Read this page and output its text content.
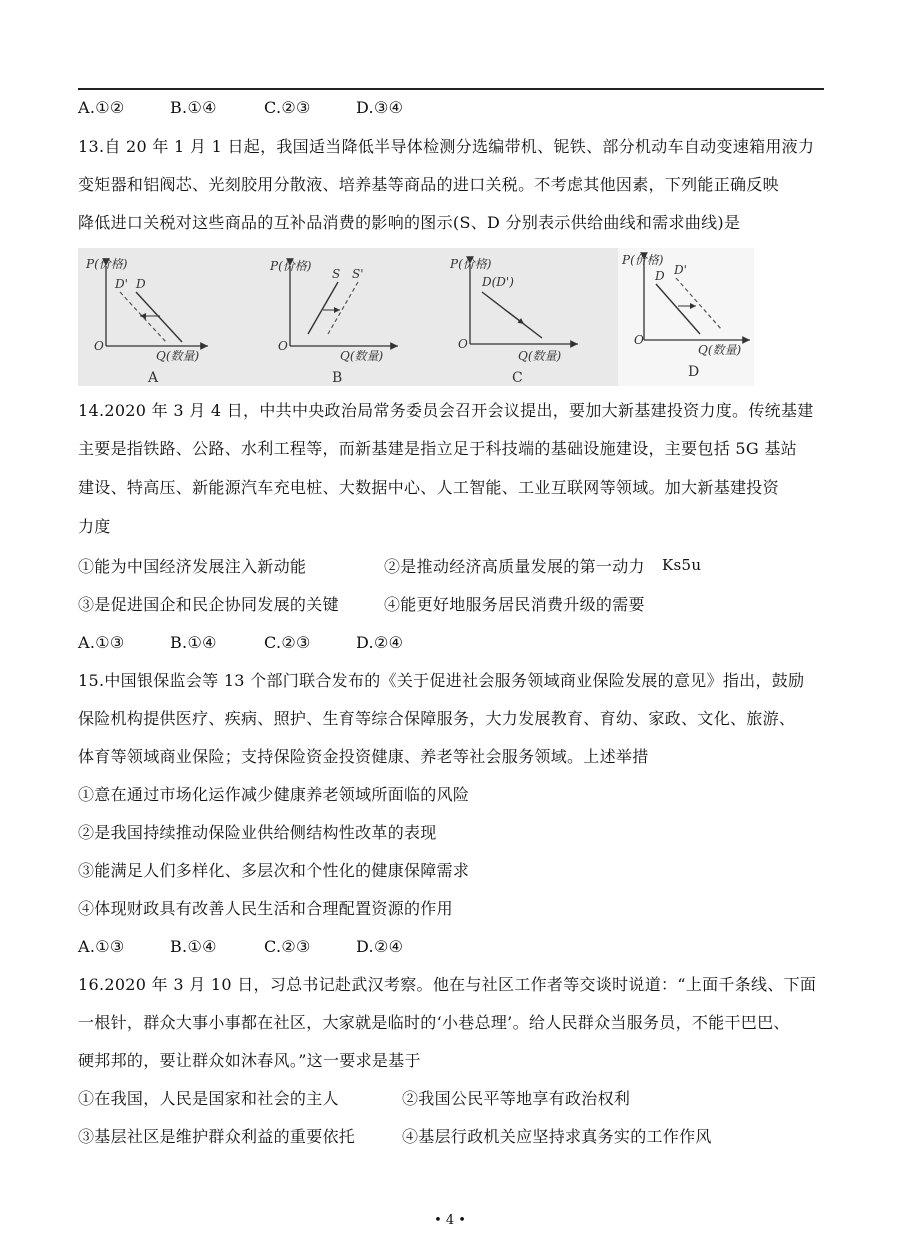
A.①②	B.①④	C.②③	D.③④
13.自 20 年 1 月 1 日起，我国适当降低半导体检测分选编带机、铌铁、部分机动车自动变速箱用液力
变矩器和铝阀芯、光刻胶用分散液、培养基等商品的进口关税。不考虑其他因素，下列能正确反映
降低进口关税对这些商品的互补品消费的影响的图示(S、D 分别表示供给曲线和需求曲线)是
P(价格)
Q(数量)
O
D' D
A
P(价格)
Q(数量)
O
S S'
B
P(价格)
Q(数量)
O
D(D')
C
P(价格)
Q(数量)
O
D D'
D
14.2020 年 3 月 4 日，中共中央政治局常务委员会召开会议提出，要加大新基建投资力度。传统基建
主要是指铁路、公路、水利工程等，而新基建是指立足于科技端的基础设施建设，主要包括 5G 基站
建设、特高压、新能源汽车充电桩、大数据中心、人工智能、工业互联网等领域。加大新基建投资
力度
①能为中国经济发展注入新动能	②是推动经济高质量发展的第一动力 Ks5u
③是促进国企和民企协同发展的关键	④能更好地服务居民消费升级的需要
A.①③	B.①④	C.②③	D.②④
15.中国银保监会等 13 个部门联合发布的《关于促进社会服务领域商业保险发展的意见》指出，鼓励
保险机构提供医疗、疾病、照护、生育等综合保障服务，大力发展教育、育幼、家政、文化、旅游、
体育等领域商业保险；支持保险资金投资健康、养老等社会服务领域。上述举措
①意在通过市场化运作减少健康养老领域所面临的风险
②是我国持续推动保险业供给侧结构性改革的表现
③能满足人们多样化、多层次和个性化的健康保障需求
④体现财政具有改善人民生活和合理配置资源的作用
A.①③	B.①④	C.②③	D.②④
16.2020 年 3 月 10 日，习总书记赴武汉考察。他在与社区工作者等交谈时说道：“上面千条线、下面
一根针，群众大事小事都在社区，大家就是临时的‘小巷总理’。给人民群众当服务员，不能干巴巴、
硬邦邦的，要让群众如沐春风。”这一要求是基于
①在我国，人民是国家和社会的主人	②我国公民平等地享有政治权利
③基层社区是维护群众利益的重要依托	④基层行政机关应坚持求真务实的工作作风
• 4 •
